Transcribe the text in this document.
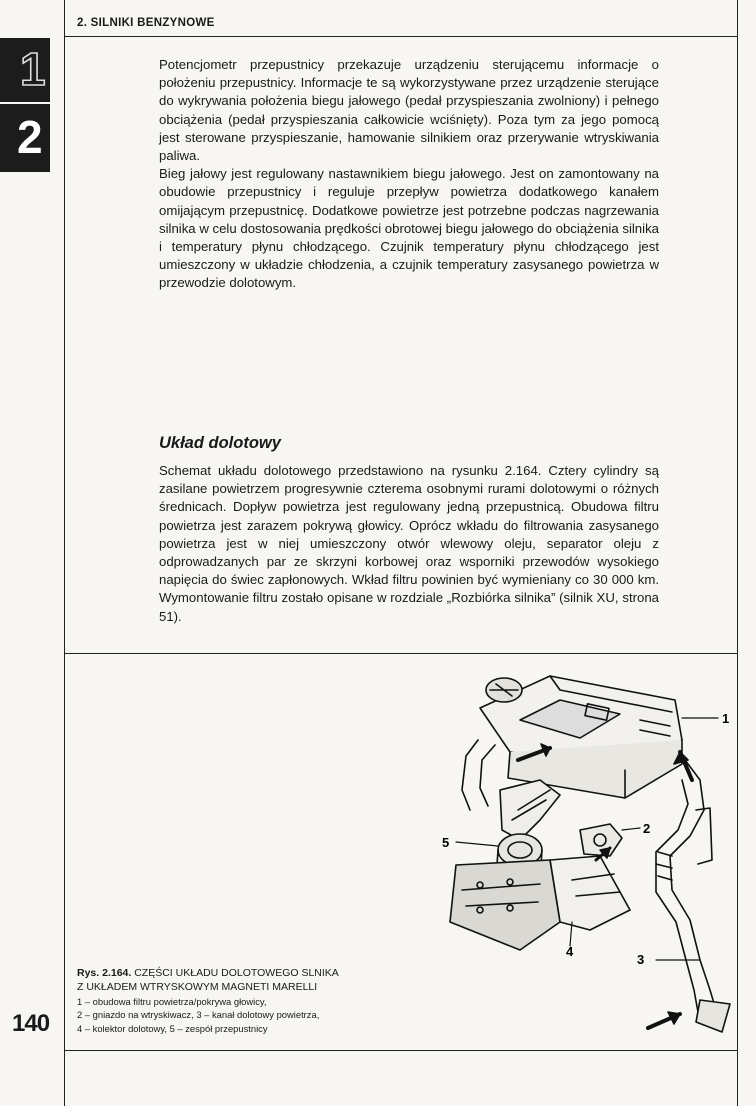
2. SILNIKI BENZYNOWE
1
2

Potencjometr przepustnicy przekazuje urządzeniu sterującemu informacje o położeniu przepustnicy. Informacje te są wykorzystywane przez urządzenie sterujące do wykrywania położenia biegu jałowego (pedał przyspieszania zwolniony) i pełnego obciążenia (pedał przyspieszania całkowicie wciśnięty). Poza tym za jego pomocą jest sterowane przyspieszanie, hamowanie silnikiem oraz przerywanie wtryskiwania paliwa.

Bieg jałowy jest regulowany nastawnikiem biegu jałowego. Jest on zamontowany na obudowie przepustnicy i reguluje przepływ powietrza dodatkowego kanałem omijającym przepustnicę. Dodatkowe powietrze jest potrzebne podczas nagrzewania silnika w celu dostosowania prędkości obrotowej biegu jałowego do obciążenia silnika i temperatury płynu chłodzącego. Czujnik temperatury płynu chłodzącego jest umieszczony w układzie chłodzenia, a czujnik temperatury zasysanego powietrza w przewodzie dolotowym.

Układ dolotowy

Schemat układu dolotowego przedstawiono na rysunku 2.164. Cztery cylindry są zasilane powietrzem progresywnie czterema osobnymi rurami dolotowymi o różnych średnicach. Dopływ powietrza jest regulowany jedną przepustnicą. Obudowa filtru powietrza jest zarazem pokrywą głowicy. Oprócz wkładu do filtrowania zasysanego powietrza jest w niej umieszczony otwór wlewowy oleju, separator oleju z odprowadzanych par ze skrzyni korbowej oraz wsporniki przewodów wysokiego napięcia do świec zapłonowych. Wkład filtru powinien być wymieniany co 30 000 km. Wymontowanie filtru zostało opisane w rozdziale „Rozbiórka silnika” (silnik XU, strona 51).

1
2
3
4
5
Rys. 2.164. CZĘŚCI UKŁADU DOLOTOWEGO SLNIKA
Z UKŁADEM WTRYSKOWYM MAGNETI MARELLI
1 – obudowa filtru powietrza/pokrywa głowicy,
2 – gniazdo na wtryskiwacz, 3 – kanał dolotowy powietrza,
4 – kolektor dolotowy, 5 – zespół przepustnicy
140
